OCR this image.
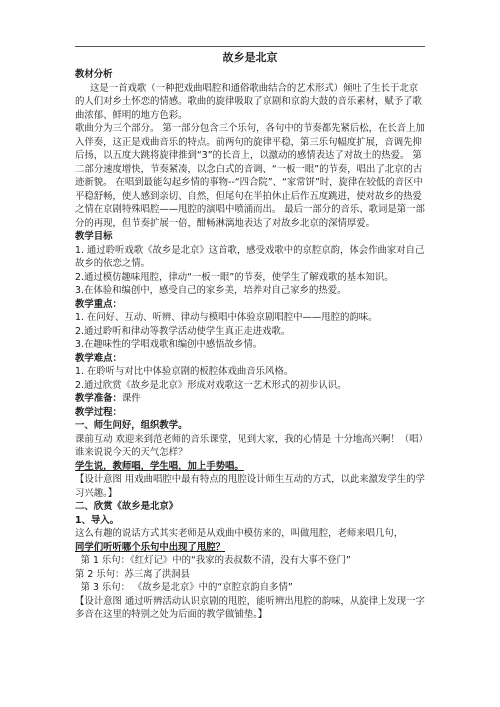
故乡是北京

教材分析

这是一首戏歌（一种把戏曲唱腔和通俗歌曲结合的艺术形式）倾吐了生长于北京的人们对乡土怀恋的情感。歌曲的旋律吸取了京剧和京韵大鼓的音乐素材，赋予了歌曲浓郁、鲜明的地方色彩。

歌曲分为三个部分。 第一部分包含三个乐句，各句中的节奏都先紧后松，在长音上加入伴奏，这正是戏曲音乐的特点。前两句的旋律平稳，第三乐句幅度扩展，音调先抑后扬，以五度大跳将旋律推到“3”的长音上，以激动的感情表达了对故土的热爱。 第二部分速度增快，节奏紧凑，以念白式的音调、“一板一眼”的节奏，唱出了北京的古迹新貌。 在唱到最能勾起乡情的事物--“四合院”、“家常饼”时，旋律在较低的音区中平稳舒畅，使人感到亲切、自然，但尾句在半拍休止后作五度跳进，使对故乡的热爱之情在京剧特殊唱腔——甩腔的演唱中喷涌而出。 最后一部分的音乐、歌词是第一部分的再现，但节奏扩展一倍，酣畅淋漓地表达了对故乡北京的深情厚爱。

教学目标

1. 通过聆听戏歌《故乡是北京》这首歌，感受戏歌中的京腔京韵，体会作曲家对自己故乡的依恋之情。

2.通过模仿趣味甩腔，律动“一板一眼”的节奏，使学生了解戏歌的基本知识。

3.在体验和编创中，感受自己的家乡美，培养对自己家乡的热爱。

教学重点：

1. 在问好、互动、听辨、律动与模唱中体验京剧唱腔中——甩腔的韵味。

2.通过聆听和律动等教学活动使学生真正走进戏歌。

3.在趣味性的学唱戏歌和编创中感悟故乡情。

教学难点：

1. 在聆听与对比中体验京剧的板腔体戏曲音乐风格。

2.通过欣赏《故乡是北京》形成对戏歌这一艺术形式的初步认识。

教学准备：课件

教学过程：

一、师生问好，组织教学。

课前互动 欢迎来到范老师的音乐课堂，见到大家，我的心情是 十分地高兴啊！（唱）

谁来说说今天的天气怎样？

学生说，教师唱，学生唱，加上手势唱。

【设计意图 用戏曲唱腔中最有特点的甩腔设计师生互动的方式，以此来激发学生的学习兴趣。】

二、欣赏《故乡是北京》

1、导入。

这么有趣的说话方式其实老师是从戏曲中模仿来的，叫做甩腔，老师来唱几句，

同学们听听哪个乐句中出现了甩腔？

第 1 乐句：《红灯记》中的“我家的表叔数不清，没有大事不登门”

第 2 乐句：苏三离了洪洞县

第 3 乐句： 《故乡是北京》中的“京腔京韵自多情”

【设计意图 通过听辨活动认识京剧的甩腔，能听辨出甩腔的韵味，从旋律上发现一字多音在这里的特别之处为后面的教学做铺垫。】
